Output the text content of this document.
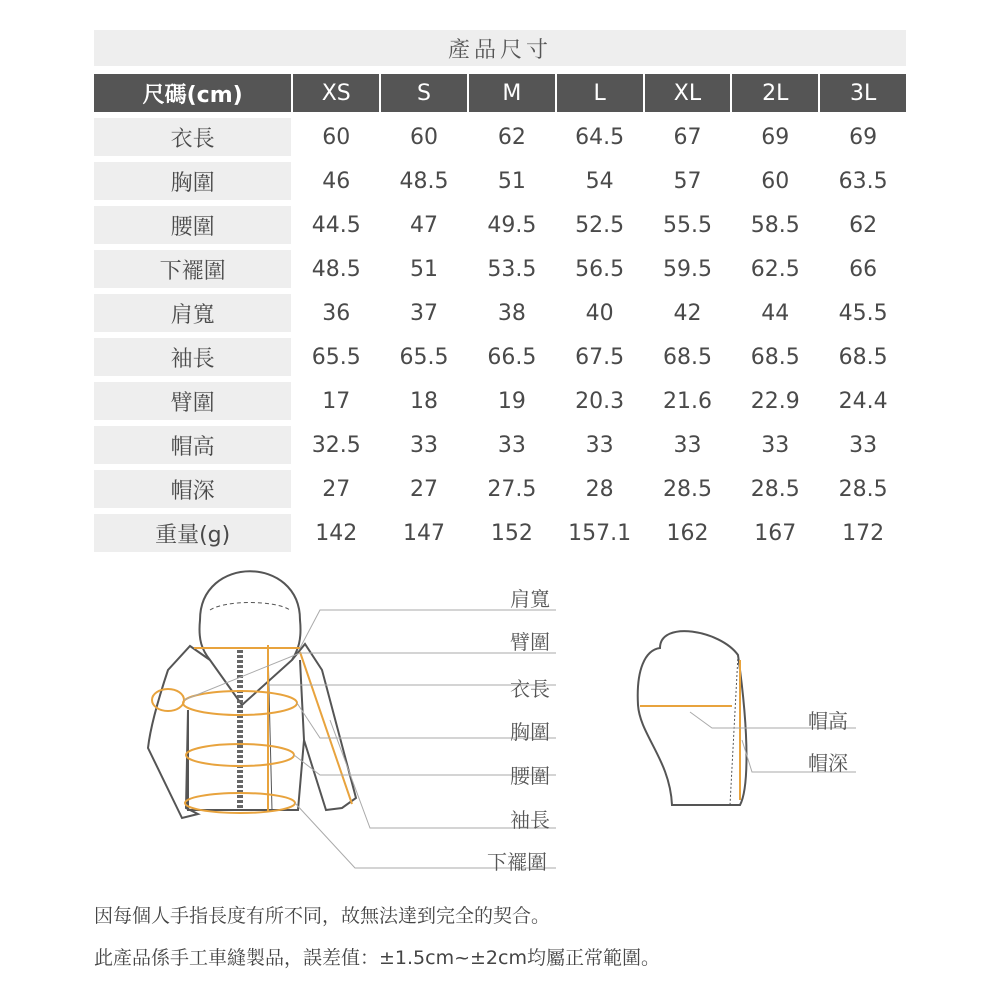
產品尺寸
尺碼(cm)	XS	S	M	L	XL	2L	3L
衣長	60	60	62	64.5	67	69	69
胸圍	46	48.5	51	54	57	60	63.5
腰圍	44.5	47	49.5	52.5	55.5	58.5	62
下襬圍	48.5	51	53.5	56.5	59.5	62.5	66
肩寬	36	37	38	40	42	44	45.5
袖長	65.5	65.5	66.5	67.5	68.5	68.5	68.5
臂圍	17	18	19	20.3	21.6	22.9	24.4
帽高	32.5	33	33	33	33	33	33
帽深	27	27	27.5	28	28.5	28.5	28.5
重量(g)	142	147	152	157.1	162	167	172
肩寬
臂圍
衣長
胸圍
腰圍
袖長
下襬圍
帽高
帽深
因每個人手指長度有所不同，故無法達到完全的契合。
此產品係手工車縫製品，誤差值：±1.5cm~±2cm均屬正常範圍。
